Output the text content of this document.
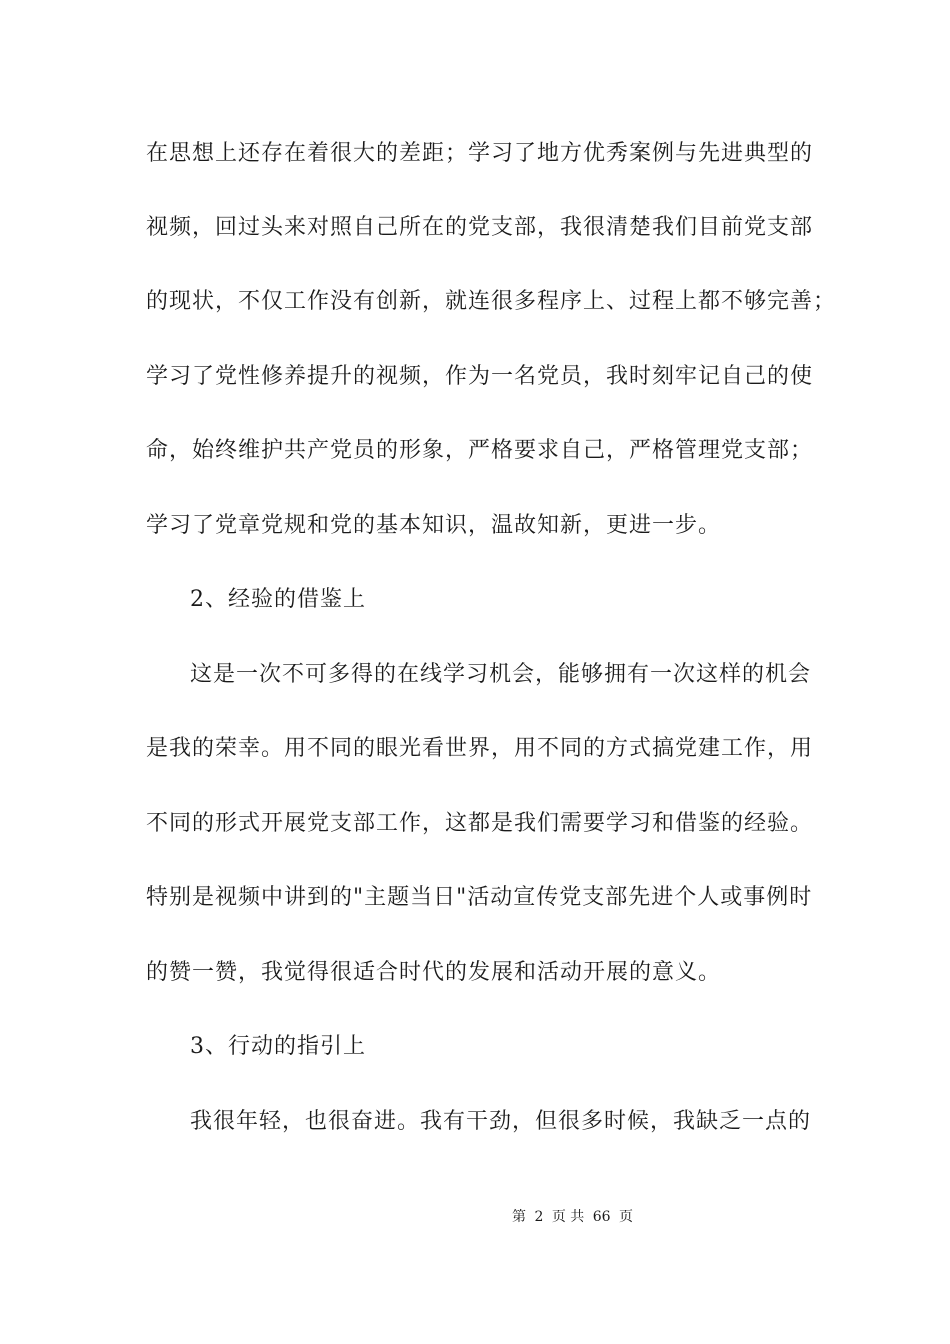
在思想上还存在着很大的差距；学习了地方优秀案例与先进典型的
视频，回过头来对照自己所在的党支部，我很清楚我们目前党支部
的现状，不仅工作没有创新，就连很多程序上、过程上都不够完善；
学习了党性修养提升的视频，作为一名党员，我时刻牢记自己的使
命，始终维护共产党员的形象，严格要求自己，严格管理党支部；
学习了党章党规和党的基本知识，温故知新，更进一步。
2、经验的借鉴上
这是一次不可多得的在线学习机会，能够拥有一次这样的机会
是我的荣幸。用不同的眼光看世界，用不同的方式搞党建工作，用
不同的形式开展党支部工作，这都是我们需要学习和借鉴的经验。
特别是视频中讲到的"主题当日"活动宣传党支部先进个人或事例时
的赞一赞，我觉得很适合时代的发展和活动开展的意义。
3、行动的指引上
我很年轻，也很奋进。我有干劲，但很多时候，我缺乏一点的
第 2 页 共 66 页
